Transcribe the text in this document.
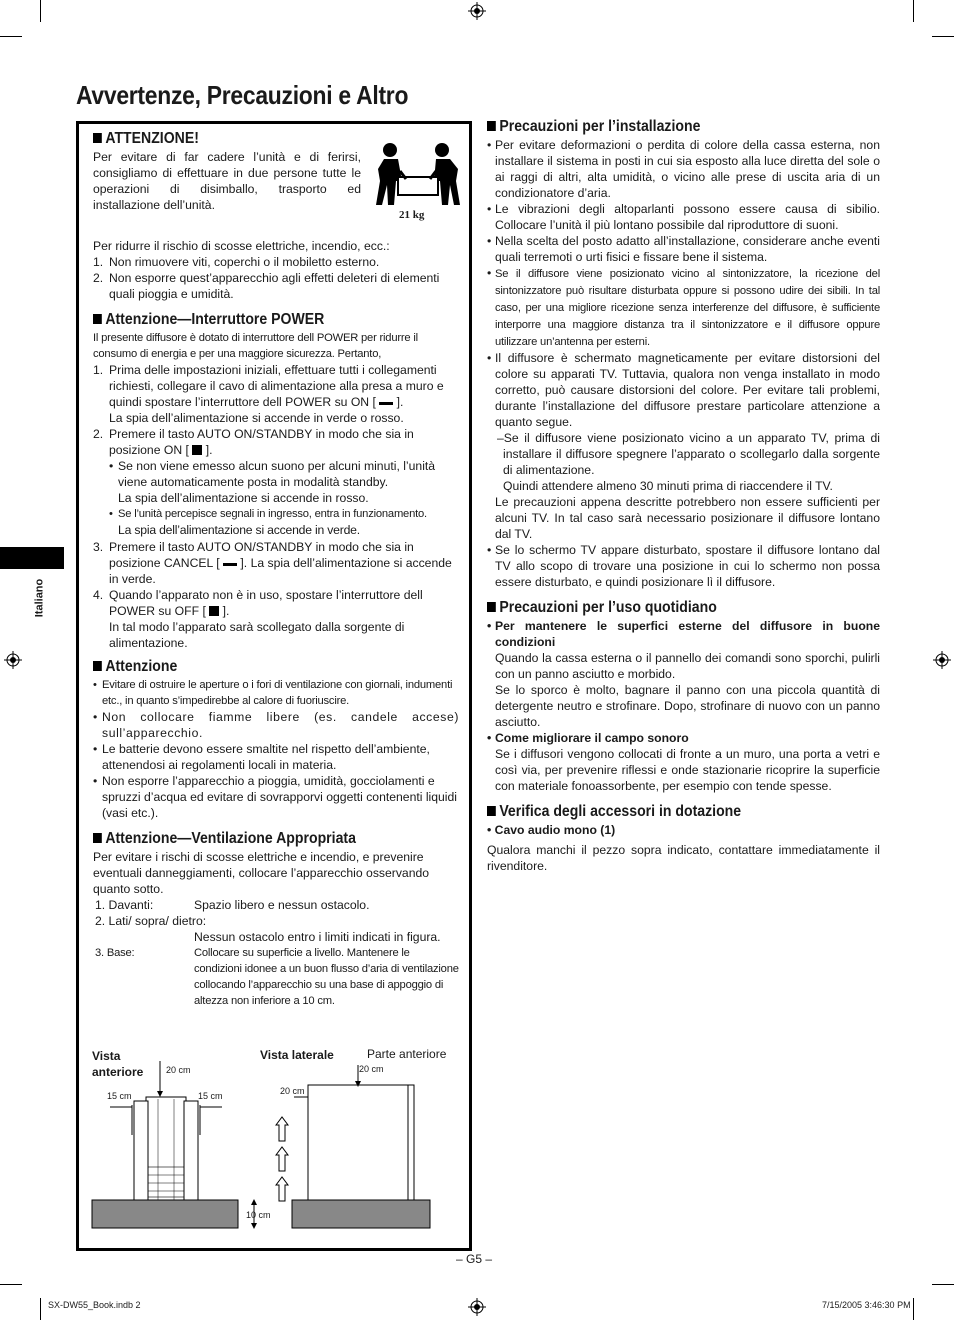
Avvertenze, Precauzioni e Altro
Italiano
ATTENZIONE!

Per evitare di far cadere l’unità e di ferirsi, consigliamo di effettuare in due persone tutte le operazioni di disimballo, trasporto ed installazione dell’unità.

21 kg

Per ridurre il rischio di scosse elettriche, incendio, ecc.:

1. Non rimuovere viti, coperchi o il mobiletto esterno.
2. Non esporre quest’apparecchio agli effetti deleteri di elementi quali pioggia e umidità.
Attenzione—Interruttore POWER

Il presente diffusore è dotato di interruttore dell POWER per ridurre il consumo di energia e per una maggiore sicurezza. Pertanto,

1. Prima delle impostazioni iniziali, effettuare tutti i collegamenti richiesti, collegare il cavo di alimentazione alla presa a muro e quindi spostare l’interruttore dell POWER su ON [ ].
La spia dell’alimentazione si accende in verde o rosso.
2. Premere il tasto AUTO ON/STANDBY in modo che sia in posizione ON [ ].
• Se non viene emesso alcun suono per alcuni minuti, l’unità viene automaticamente posta in modalità standby.
La spia dell’alimentazione si accende in rosso.
• Se l’unità percepisce segnali in ingresso, entra in funzionamento.
La spia dell’alimentazione si accende in verde.
3. Premere il tasto AUTO ON/STANDBY in modo che sia in posizione CANCEL [ ]. La spia dell’alimentazione si accende in verde.
4. Quando l’apparato non è in uso, spostare l’interruttore dell POWER su OFF [ ].
In tal modo l’apparato sarà scollegato dalla sorgente di alimentazione.
Attenzione
• Evitare di ostruire le aperture o i fori di ventilazione con giornali, indumenti etc., in quanto s’impedirebbe al calore di fuoriuscire.
• Non collocare fiamme libere (es. candele accese) sull’apparecchio.
• Le batterie devono essere smaltite nel rispetto dell’ambiente, attenendosi ai regolamenti locali in materia.
• Non esporre l’apparecchio a pioggia, umidità, gocciolamenti e spruzzi d’acqua ed evitare di sovrapporvi oggetti contenenti liquidi (vasi etc.).
Attenzione—Ventilazione Appropriata

Per evitare i rischi di scosse elettriche e incendio, e prevenire eventuali danneggiamenti, collocare l’apparecchio osservando quanto sotto.

1. Davanti:	Spazio libero e nessun ostacolo.
2. Lati/ sopra/ dietro:
Nessun ostacolo entro i limiti indicati in figura.
3. Base:	Collocare su superficie a livello. Mantenere le condizioni idonee a un buon flusso d’aria di ventilazione collocando l’apparecchio su una base di appoggio di altezza non inferiore a 10 cm.
Vista anteriore
Vista laterale	Parte anteriore
20 cm
15 cm	15 cm	20 cm
20 cm
10 cm
Precauzioni per l’installazione
• Per evitare deformazioni o perdita di colore della cassa esterna, non installare il sistema in posti in cui sia esposto alla luce diretta del sole o ai raggi di altri, alta umidità, o vicino alle prese di uscita aria di un condizionatore d’aria.
• Le vibrazioni degli altoparlanti possono essere causa di sibilio. Collocare l’unità il più lontano possibile dal riproduttore di suoni.
• Nella scelta del posto adatto all’installazione, considerare anche eventi quali terremoti o urti fisici e fissare bene il sistema.
• Se il diffusore viene posizionato vicino al sintonizzatore, la ricezione del sintonizzatore può risultare disturbata oppure si possono udire dei sibili. In tal caso, per una migliore ricezione senza interferenze del diffusore, è sufficiente interporre una maggiore distanza tra il sintonizzatore e il diffusore oppure utilizzare un’antenna per esterni.
• Il diffusore è schermato magneticamente per evitare distorsioni del colore su apparati TV. Tuttavia, qualora non venga installato in modo corretto, può causare distorsioni del colore. Per evitare tali problemi, durante l’installazione del diffusore prestare particolare attenzione a quanto segue.
–Se il diffusore viene posizionato vicino a un apparato TV, prima di installare il diffusore spegnere l’apparato o scollegarlo dalla sorgente di alimentazione.
Quindi attendere almeno 30 minuti prima di riaccendere il TV.
Le precauzioni appena descritte potrebbero non essere sufficienti per alcuni TV. In tal caso sarà necessario posizionare il diffusore lontano dal TV.
• Se lo schermo TV appare disturbato, spostare il diffusore lontano dal TV allo scopo di trovare una posizione in cui lo schermo non possa essere disturbato, e quindi posizionare lì il diffusore.
Precauzioni per l’uso quotidiano
• Per mantenere le superfici esterne del diffusore in buone condizioni
Quando la cassa esterna o il pannello dei comandi sono sporchi, pulirli con un panno asciutto e morbido.
Se lo sporco è molto, bagnare il panno con una piccola quantità di detergente neutro e strofinare. Dopo, strofinare di nuovo con un panno asciutto.
• Come migliorare il campo sonoro
Se i diffusori vengono collocati di fronte a un muro, una porta a vetri e così via, per prevenire riflessi e onde stazionarie ricoprire la superficie con materiale fonoassorbente, per esempio con tende spesse.
Verifica degli accessori in dotazione
• Cavo audio mono (1)
Qualora manchi il pezzo sopra indicato, contattare immediatamente il rivenditore.
– G5 –
SX-DW55_Book.indb 2	7/15/2005 3:46:30 PM
